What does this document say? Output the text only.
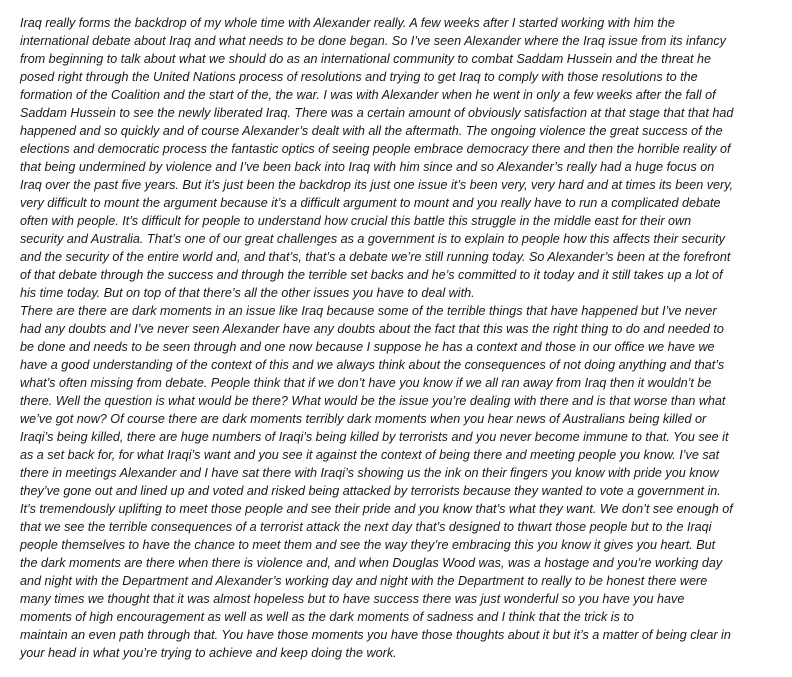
Iraq really forms the backdrop of my whole time with Alexander really. A few weeks after I started working with him the
international debate about Iraq and what needs to be done began. So I’ve seen Alexander where the Iraq issue from its infancy
from beginning to talk about what we should do as an international community to combat Saddam Hussein and the threat he
posed right through the United Nations process of resolutions and trying to get Iraq to comply with those resolutions to the
formation of the Coalition and the start of the, the war. I was with Alexander when he went in only a few weeks after the fall of
Saddam Hussein to see the newly liberated Iraq. There was a certain amount of obviously satisfaction at that stage that that had
happened and so quickly and of course Alexander’s dealt with all the aftermath. The ongoing violence the great success of the
elections and democratic process the fantastic optics of seeing people embrace democracy there and then the horrible reality of
that being undermined by violence and I’ve been back into Iraq with him since and so Alexander’s really had a huge focus on
Iraq over the past five years. But it’s just been the backdrop its just one issue it’s been very, very hard and at times its been very,
very difficult to mount the argument because it’s a difficult argument to mount and you really have to run a complicated debate
often with people. It’s difficult for people to understand how crucial this battle this struggle in the middle east for their own
security and Australia. That’s one of our great challenges as a government is to explain to people how this affects their security
and the security of the entire world and, and that’s, that’s a debate we’re still running today. So Alexander’s been at the forefront
of that debate through the success and through the terrible set backs and he’s committed to it today and it still takes up a lot of
his time today. But on top of that there’s all the other issues you have to deal with.

There are there are dark moments in an issue like Iraq because some of the terrible things that have happened but I’ve never
had any doubts and I’ve never seen Alexander have any doubts about the fact that this was the right thing to do and needed to
be done and needs to be seen through and one now because I suppose he has a context and those in our office we have we
have a good understanding of the context of this and we always think about the consequences of not doing anything and that’s
what’s often missing from debate. People think that if we don’t have you know if we all ran away from Iraq then it wouldn’t be
there. Well the question is what would be there? What would be the issue you’re dealing with there and is that worse than what
we’ve got now? Of course there are dark moments terribly dark moments when you hear news of Australians being killed or
Iraqi’s being killed, there are huge numbers of Iraqi’s being killed by terrorists and you never become immune to that. You see it
as a set back for, for what Iraqi’s want and you see it against the context of being there and meeting people you know. I’ve sat
there in meetings Alexander and I have sat there with Iraqi’s showing us the ink on their fingers you know with pride you know
they’ve gone out and lined up and voted and risked being attacked by terrorists because they wanted to vote a government in.
It’s tremendously uplifting to meet those people and see their pride and you know that’s what they want. We don’t see enough of
that we see the terrible consequences of a terrorist attack the next day that’s designed to thwart those people but to the Iraqi
people themselves to have the chance to meet them and see the way they’re embracing this you know it gives you heart. But
the dark moments are there when there is violence and, and when Douglas Wood was, was a hostage and you’re working day
and night with the Department and Alexander’s working day and night with the Department to really to be honest there were
many times we thought that it was almost hopeless but to have success there was just wonderful so you have you have
moments of high encouragement as well as well as the dark moments of sadness and I think that the trick is to
maintain an even path through that. You have those moments you have those thoughts about it but it’s a matter of being clear in
your head in what you’re trying to achieve and keep doing the work.
